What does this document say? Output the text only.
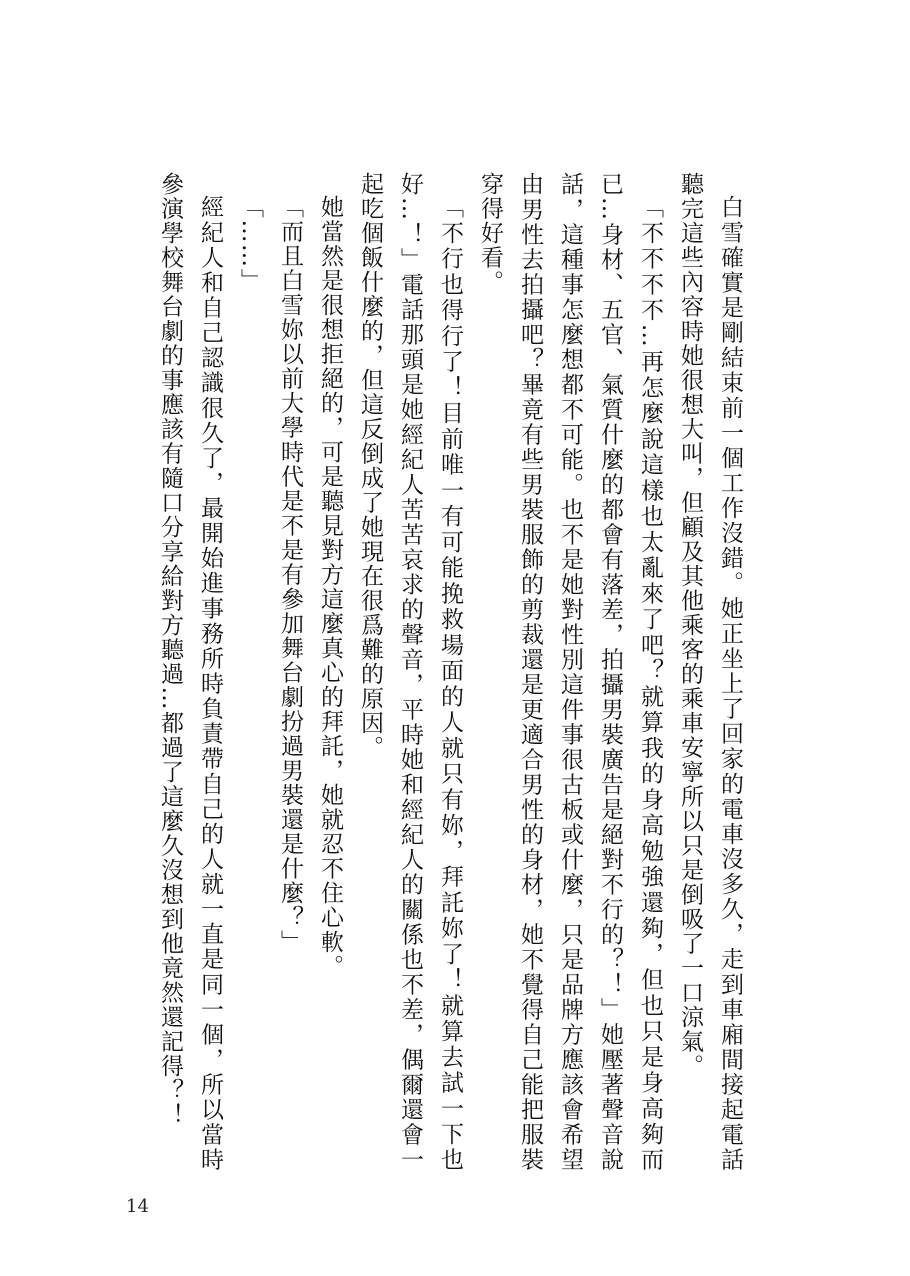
白雪確實是剛結束前一個工作沒錯。她正坐上了回家的電車沒多久，走到車廂間接起電話聽完這些內容時她很想大叫，但顧及其他乘客的乘車安寧所以只是倒吸了一口涼氣。

「不不不不…再怎麼說這樣也太亂來了吧？就算我的身高勉強還夠，但也只是身高夠而已…身材、五官、氣質什麼的都會有落差，拍攝男裝廣告是絕對不行的？！」她壓著聲音說話，這種事怎麼想都不可能。也不是她對性別這件事很古板或什麼，只是品牌方應該會希望由男性去拍攝吧？畢竟有些男裝服飾的剪裁還是更適合男性的身材，她不覺得自己能把服裝穿得好看。

「不行也得行了！目前唯一有可能挽救場面的人就只有妳，拜託妳了！就算去試一下也好…！」電話那頭是她經紀人苦苦哀求的聲音，平時她和經紀人的關係也不差，偶爾還會一起吃個飯什麼的，但這反倒成了她現在很爲難的原因。

她當然是很想拒絕的，可是聽見對方這麼真心的拜託，她就忍不住心軟。

「而且白雪妳以前大學時代是不是有參加舞台劇扮過男裝還是什麼？」

「……」

經紀人和自己認識很久了，最開始進事務所時負責帶自己的人就一直是同一個，所以當時參演學校舞台劇的事應該有隨口分享給對方聽過…都過了這麼久沒想到他竟然還記得？！

14
